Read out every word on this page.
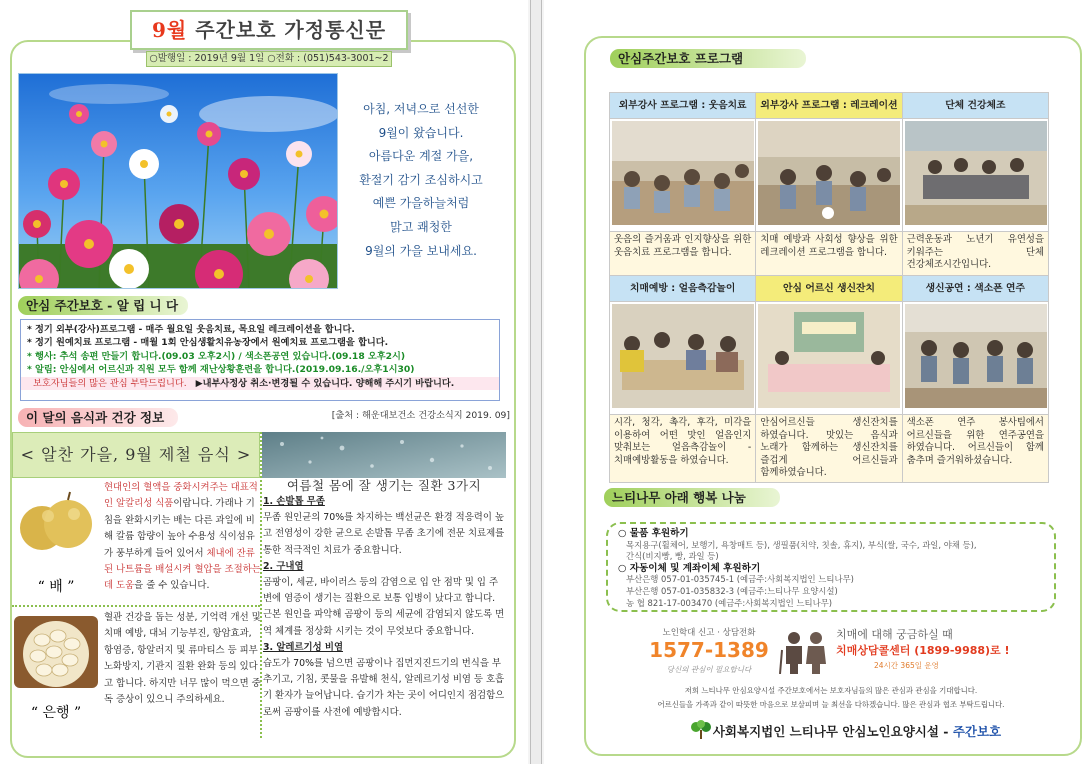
9월 주간보호 가정통신문
○발행일 : 2019년 9월 1일 ○전화 : (051)543-3001~2
아침, 저녁으로 선선한
9월이 왔습니다.
아름다운 계절 가을,
환절기 감기 조심하시고
예쁜 가을하늘처럼
맑고 쾌청한
9월의 가을 보내세요.
안심 주간보호 - 알 립 니 다
* 정기 외부(강사)프로그램 - 매주 월요일 웃음치료, 목요일 레크레이션을 합니다.
* 정기 원예치료 프로그램 - 매월 1회 안심생활치유농장에서 원예치료 프로그램을 합니다.
* 행사: 추석 송편 만들기 합니다.(09.03 오후2시) / 색소폰공연 있습니다.(09.18 오후2시)
* 알림: 안심에서 어르신과 직원 모두 함께 재난상황훈련을 합니다.(2019.09.16./오후1시30)
보호자님들의 많은 관심 부탁드립니다. ▶내부사정상 취소·변경될 수 있습니다. 양해해 주시기 바랍니다.
이 달의 음식과 건강 정보	[출처 : 해운대보건소 건강소식지 2019. 09]
< 알찬 가을, 9월 제철 음식 >
“ 배 ”
현대인의 혈액을 중화시켜주는 대표적인 알칼리성 식품이랍니다. 가래나 기침을 완화시키는 배는 다른 과일에 비해 칼륨 함량이 높아 수용성 식이섬유가 풍부하게 들어 있어서 체내에 잔류된 나트륨을 배설시켜 혈압을 조절하는데 도움을 줄 수 있습니다.
“ 은행 ”
혈관 건강을 돕는 성분, 기억력 개선 및 치매 예방, 대뇌 기능부진, 항암효과, 항염증, 항알러지 및 류마티스 등 피부노화방지, 기관지 질환 완화 등의 있다고 합니다. 하지만 너무 많이 먹으면 중독 증상이 있으니 주의하세요.
여름철 몸에 잘 생기는 질환 3가지
1. 손발톱 무좀
무좀 원인균의 70%를 차지하는 백선균은 환경 적응력이 높고 전염성이 강한 균으로 손발톱 무좀 초기에 전문 치료제를 통한 적극적인 치료가 중요합니다.
2. 구내염
곰팡이, 세균, 바이러스 등의 감염으로 입 안 점막 및 입 주변에 염증이 생기는 질환으로 보통 입병이 났다고 합니다. 근본 원인을 파악해 곰팡이 등의 세균에 감염되지 않도록 면역 체계를 정상화 시키는 것이 무엇보다 중요합니다.
3. 알레르기성 비염
습도가 70%를 넘으면 곰팡이나 집먼지진드기의 번식을 부추기고, 기침, 콧물을 유발해 천식, 알레르기성 비염 등 호흡기 환자가 늘어납니다. 습기가 차는 곳이 어디인지 점검함으로써 곰팡이를 사전에 예방합시다.
안심주간보호 프로그램
외부강사 프로그램 : 웃음치료	외부강사 프로그램 : 레크레이션	단체 건강체조

웃음의 즐거움과 인지향상을 위한 웃음치료 프로그램을 합니다.	치매 예방과 사회성 향상을 위한 레크레이션 프로그램을 합니다.	근력운동과 노년기 유연성을 키워주는 단체 건강체조시간입니다.
치매예방 : 얼음측감놀이	안심 어르신 생신잔치	생신공연 : 색소폰 연주

시각, 청각, 촉각, 후각, 미각을 이용하여 어떤 맛인 얼음인지 맞춰보는 얼음측감놀이 - 치매예방활동을 하였습니다.	안심어르신들 생신잔치를 하였습니다. 맛있는 음식과 노래가 함께하는 생신잔치를 즐겁게 어르신들과 함께하였습니다.	색소폰 연주 봉사팀에서 어르신들을 위한 연주공연을 하였습니다. 어르신들이 함께 춤추며 즐거워하셨습니다.
느티나무 아래 행복 나눔
○ 물품 후원하기
목지용구(휠체어, 보행기, 욕창매트 등), 생필품(치약, 칫솔, 휴지), 부식(쌀, 국수, 과일, 야채 등),
간식(비지빵, 빵, 과일 등)
○ 자동이체 및 계좌이체 후원하기
부산은행 057-01-035745-1 (예금주:사회복지법인 느티나무)
부산은행 057-01-035832-3 (예금주:느티나무 요양시설)
농 협 821-17-003470 (예금주:사회복지법인 느티나무)
노인학대 신고 · 상담전화
1577-1389
당신의 관심이 필요합니다
치매에 대해 궁금하실 때
치매상담콜센터 (1899-9988)로 !
24시간 365일 운영
저희 느티나무 안심요양시설 주간보호에서는 보호자님들의 많은 관심과 관심을 기대합니다.
어르신들을 가족과 같이 따뜻한 마음으로 보살피며 늘 최선을 다하겠습니다. 많은 관심과 협조 부탁드립니다.
사회복지법인 느티나무 안심노인요양시설 - 주간보호
